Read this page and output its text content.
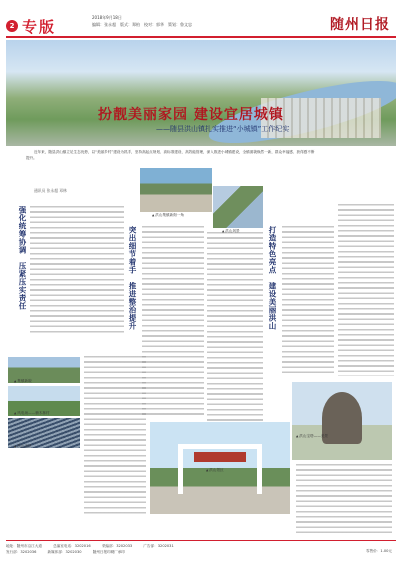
2 专版
2018年9月18日
编辑：张永超　版式：郑柏　校对：郭华　策划：鲁文忠	随州日报
扮靓美丽家园 建设宜居城镇
——随县洪山镇扎实推进“小城镇”工作纪实

近年来，随县洪山镇立足生态优势，以“美丽乡村”建设为抓手，坚持高起点规划、高标准建设、高效能管理，深入推进小城镇建设，全镇面貌焕然一新，群众幸福感、获得感不断提升。

通讯员 张永超 邓林
强化统筹协调　压紧压实责任	突出细节着手　推进整治提升	打造特色亮点　建设美丽洪山
▲ 洪山集镇新街一角
▲ 洪山风景
▲ 集镇新貌
▲ 风电场——楠木林村
▲ 洪山光伏
▲ 洪山宝塔——美景
▲ 洪山景区
地址：随州市沿江大道	总编室电话：3202016	采编部：3202033	广告部：3202031
发行部：3202036	新媒体部：3202030	随州日报印刷厂承印	零售价：1.00元
